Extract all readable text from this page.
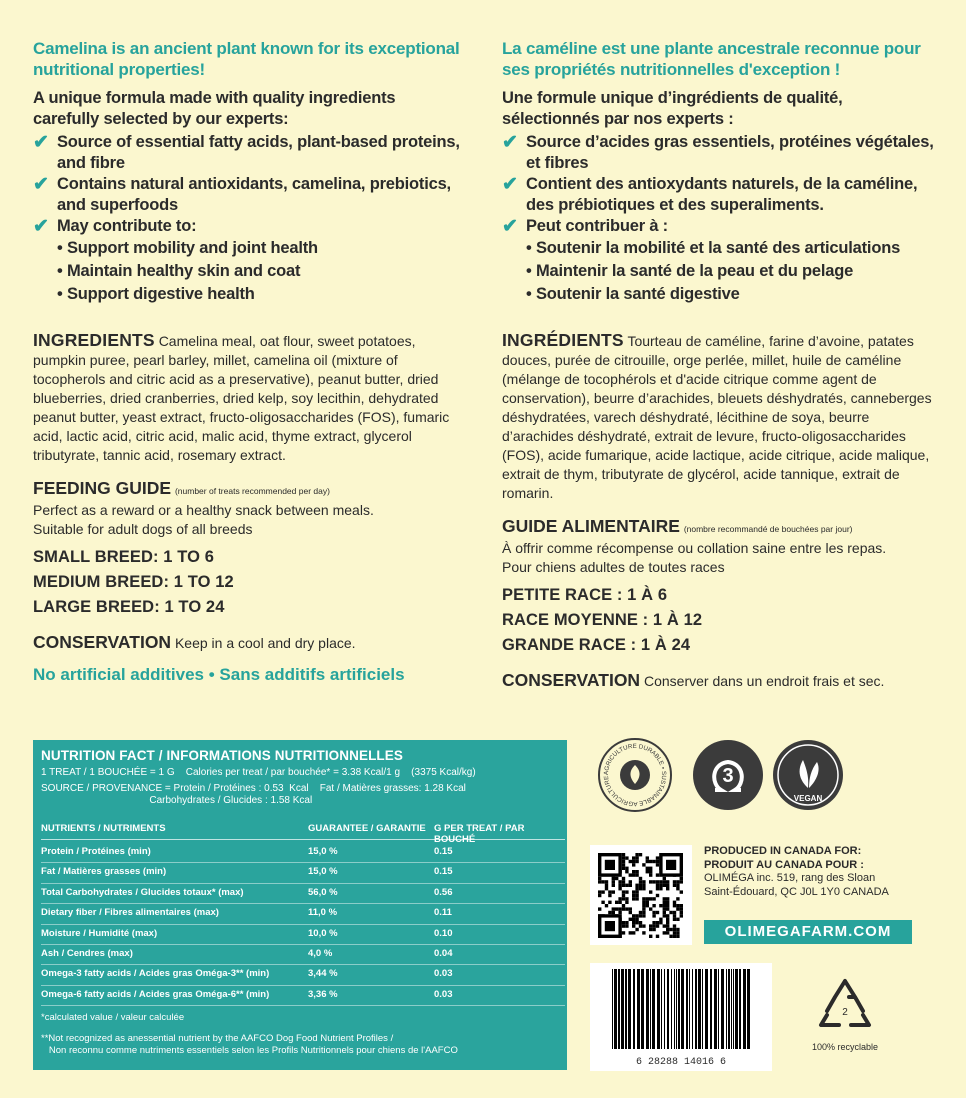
Camelina is an ancient plant known for its exceptional nutritional properties!
A unique formula made with quality ingredients carefully selected by our experts:
✔ Source of essential fatty acids, plant-based proteins, and fibre
✔ Contains natural antioxidants, camelina, prebiotics, and superfoods
✔ May contribute to:
• Support mobility and joint health
• Maintain healthy skin and coat
• Support digestive health
INGREDIENTS Camelina meal, oat flour, sweet potatoes, pumpkin puree, pearl barley, millet, camelina oil (mixture of tocopherols and citric acid as a preservative), peanut butter, dried blueberries, dried cranberries, dried kelp, soy lecithin, dehydrated peanut butter, yeast extract, fructo-oligosaccharides (FOS), fumaric acid, lactic acid, citric acid, malic acid, thyme extract, glycerol tributyrate, tannic acid, rosemary extract.
FEEDING GUIDE (number of treats recommended per day)
Perfect as a reward or a healthy snack between meals.
Suitable for adult dogs of all breeds
SMALL BREED: 1 TO 6
MEDIUM BREED: 1 TO 12
LARGE BREED: 1 TO 24
CONSERVATION Keep in a cool and dry place.
No artificial additives • Sans additifs artificiels
La caméline est une plante ancestrale reconnue pour ses propriétés nutritionnelles d'exception !
Une formule unique d’ingrédients de qualité, sélectionnés par nos experts :
✔ Source d’acides gras essentiels, protéines végétales, et fibres
✔ Contient des antioxydants naturels, de la caméline, des prébiotiques et des superaliments.
✔ Peut contribuer à :
• Soutenir la mobilité et la santé des articulations
• Maintenir la santé de la peau et du pelage
• Soutenir la santé digestive
INGRÉDIENTS Tourteau de caméline, farine d’avoine, patates douces, purée de citrouille, orge perlée, millet, huile de caméline (mélange de tocophérols et d'acide citrique comme agent de conservation), beurre d’arachides, bleuets déshydratés, canneberges déshydratées, varech déshydraté, lécithine de soya, beurre d’arachides déshydraté, extrait de levure, fructo-oligosaccharides (FOS), acide fumarique, acide lactique, acide citrique, acide malique, extrait de thym, tributyrate de glycérol, acide tannique, extrait de romarin.
GUIDE ALIMENTAIRE (nombre recommandé de bouchées par jour)
À offrir comme récompense ou collation saine entre les repas.
Pour chiens adultes de toutes races
PETITE RACE : 1 À 6
RACE MOYENNE : 1 À 12
GRANDE RACE : 1 À 24
CONSERVATION Conserver dans un endroit frais et sec.
NUTRITION FACT / INFORMATIONS NUTRITIONNELLES
1 TREAT / 1 BOUCHÉE = 1 G    Calories per treat / par bouchée* = 3.38 Kcal/1 g    (3375 Kcal/kg)
SOURCE / PROVENANCE = Protein / Protéines : 0.53  Kcal    Fat / Matières grasses: 1.28 Kcal
Carbohydrates / Glucides : 1.58 Kcal
NUTRIENTS / NUTRIMENTS	GUARANTEE / GARANTIE G PER TREAT / PAR
Protein / Protéines (min)	15,0 %	0.15
Fat / Matières grasses (min)	15,0 %	0.15
Total Carbohydrates / Glucides totaux* (max)	56,0 %	0.56
Dietary fiber / Fibres alimentaires (max)	11,0 %	0.11
Moisture / Humidité (max)	10,0 %	0.10
Ash / Cendres (max)	4,0 %	0.04
Omega-3 fatty acids / Acides gras Oméga-3** (min)	3,44 %	0.03
Omega-6 fatty acids / Acides gras Oméga-6** (min)	3,36 %	0.03
*calculated value / valeur calculée
**Not recognized as anessential nutrient by the AAFCO Dog Food Nutrient Profiles /
Non reconnu comme nutriments essentiels selon les Profils Nutritionnels pour chiens de l'AAFCO
AGRICULTURE DURABLE • SUSTAINABLE AGRICULTURE	3
VEGAN
PRODUCED IN CANADA FOR:
PRODUIT AU CANADA POUR :
OLIMÉGA inc. 519, rang des Sloan
Saint-Édouard, QC J0L 1Y0 CANADA
OLIMEGAFARM.COM
6 28288 14016 6
2
100% recyclable
